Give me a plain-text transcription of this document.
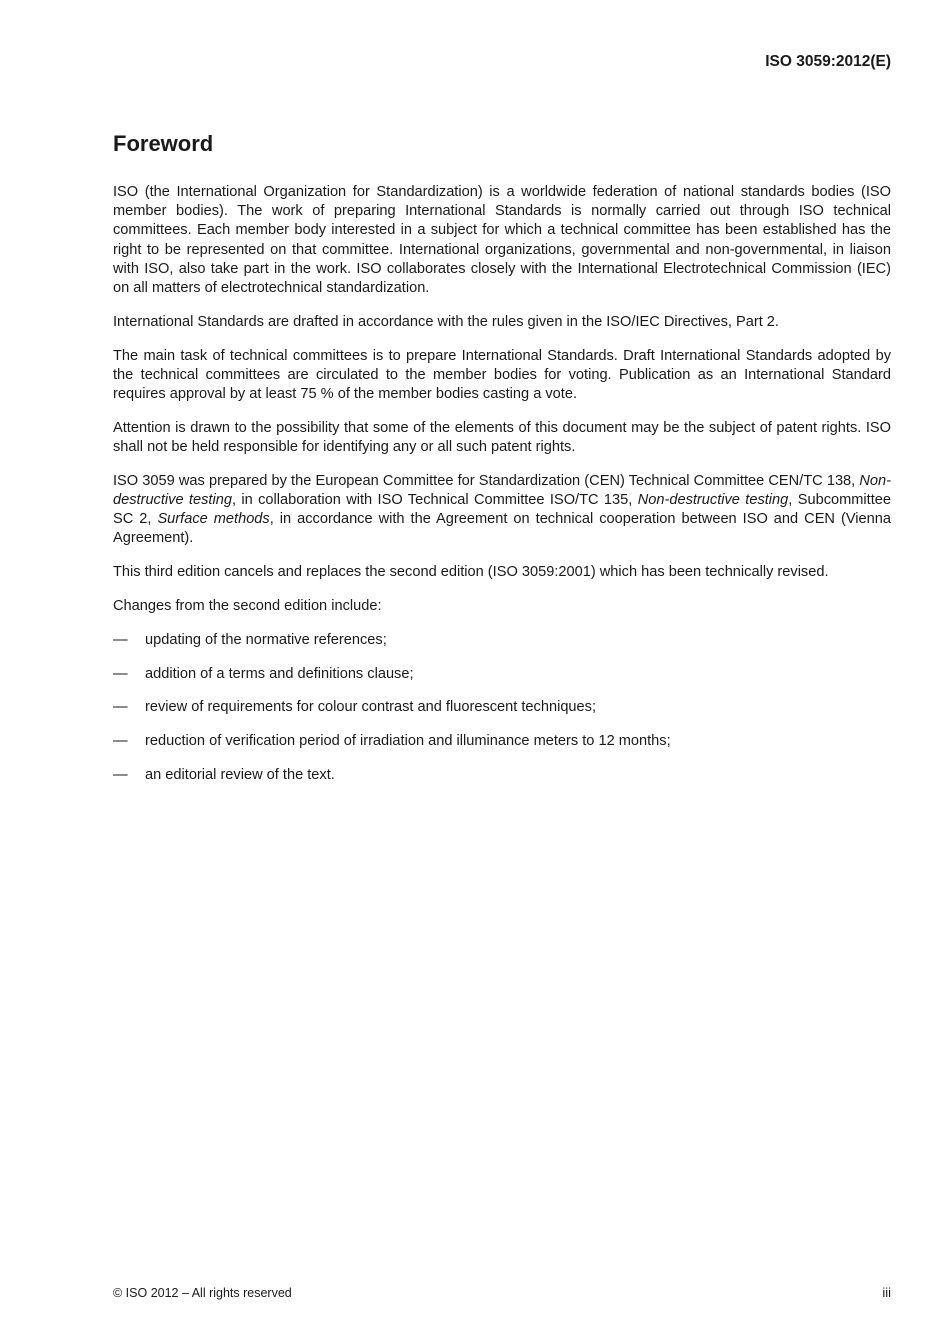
ISO 3059:2012(E)
Foreword

ISO (the International Organization for Standardization) is a worldwide federation of national standards bodies (ISO member bodies). The work of preparing International Standards is normally carried out through ISO technical committees. Each member body interested in a subject for which a technical committee has been established has the right to be represented on that committee. International organizations, governmental and non-governmental, in liaison with ISO, also take part in the work. ISO collaborates closely with the International Electrotechnical Commission (IEC) on all matters of electrotechnical standardization.

International Standards are drafted in accordance with the rules given in the ISO/IEC Directives, Part 2.

The main task of technical committees is to prepare International Standards. Draft International Standards adopted by the technical committees are circulated to the member bodies for voting. Publication as an International Standard requires approval by at least 75 % of the member bodies casting a vote.

Attention is drawn to the possibility that some of the elements of this document may be the subject of patent rights. ISO shall not be held responsible for identifying any or all such patent rights.

ISO 3059 was prepared by the European Committee for Standardization (CEN) Technical Committee CEN/TC 138, Non-destructive testing, in collaboration with ISO Technical Committee ISO/TC 135, Non-destructive testing, Subcommittee SC 2, Surface methods, in accordance with the Agreement on technical cooperation between ISO and CEN (Vienna Agreement).

This third edition cancels and replaces the second edition (ISO 3059:2001) which has been technically revised.

Changes from the second edition include:

—	updating of the normative references;
—	addition of a terms and definitions clause;
—	review of requirements for colour contrast and fluorescent techniques;
—	reduction of verification period of irradiation and illuminance meters to 12 months;
—	an editorial review of the text.
© ISO 2012 – All rights reserved	iii
